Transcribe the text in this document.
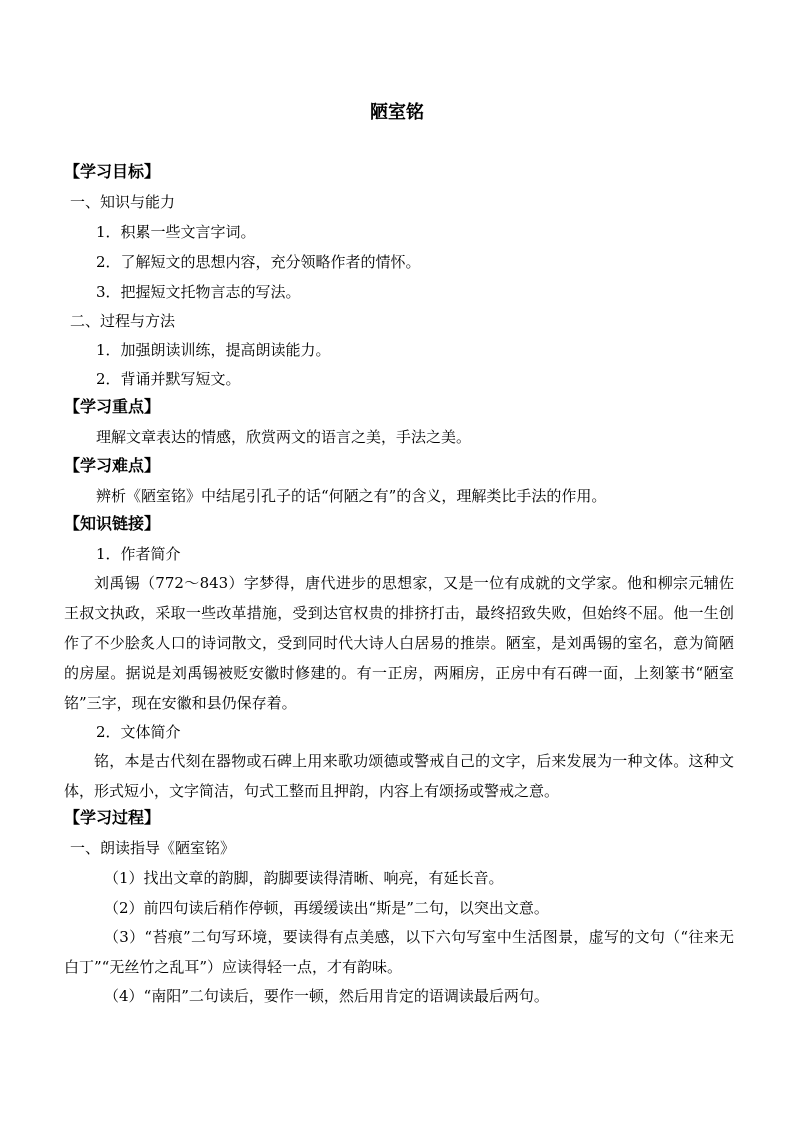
陋室铭
【学习目标】
一、知识与能力
1．积累一些文言字词。
2．了解短文的思想内容，充分领略作者的情怀。
3．把握短文托物言志的写法。
二、过程与方法
1．加强朗读训练，提高朗读能力。
2．背诵并默写短文。
【学习重点】
理解文章表达的情感，欣赏两文的语言之美，手法之美。
【学习难点】
辨析《陋室铭》中结尾引孔子的话“何陋之有”的含义，理解类比手法的作用。
【知识链接】
1．作者简介

刘禹锡（772～843）字梦得，唐代进步的思想家，又是一位有成就的文学家。他和柳宗元辅佐王叔文执政，采取一些改革措施，受到达官权贵的排挤打击，最终招致失败，但始终不屈。他一生创作了不少脍炙人口的诗词散文，受到同时代大诗人白居易的推崇。陋室，是刘禹锡的室名，意为简陋的房屋。据说是刘禹锡被贬安徽时修建的。有一正房，两厢房，正房中有石碑一面，上刻篆书“陋室铭”三字，现在安徽和县仍保存着。

2．文体简介

铭，本是古代刻在器物或石碑上用来歌功颂德或警戒自己的文字，后来发展为一种文体。这种文体，形式短小，文字简洁，句式工整而且押韵，内容上有颂扬或警戒之意。

【学习过程】
一、朗读指导《陋室铭》
（1）找出文章的韵脚，韵脚要读得清晰、响亮，有延长音。
（2）前四句读后稍作停顿，再缓缓读出“斯是”二句，以突出文意。

（3）“苔痕”二句写环境，要读得有点美感，以下六句写室中生活图景，虚写的文句（“往来无白丁”“无丝竹之乱耳”）应读得轻一点，才有韵味。

（4）“南阳”二句读后，要作一顿，然后用肯定的语调读最后两句。
